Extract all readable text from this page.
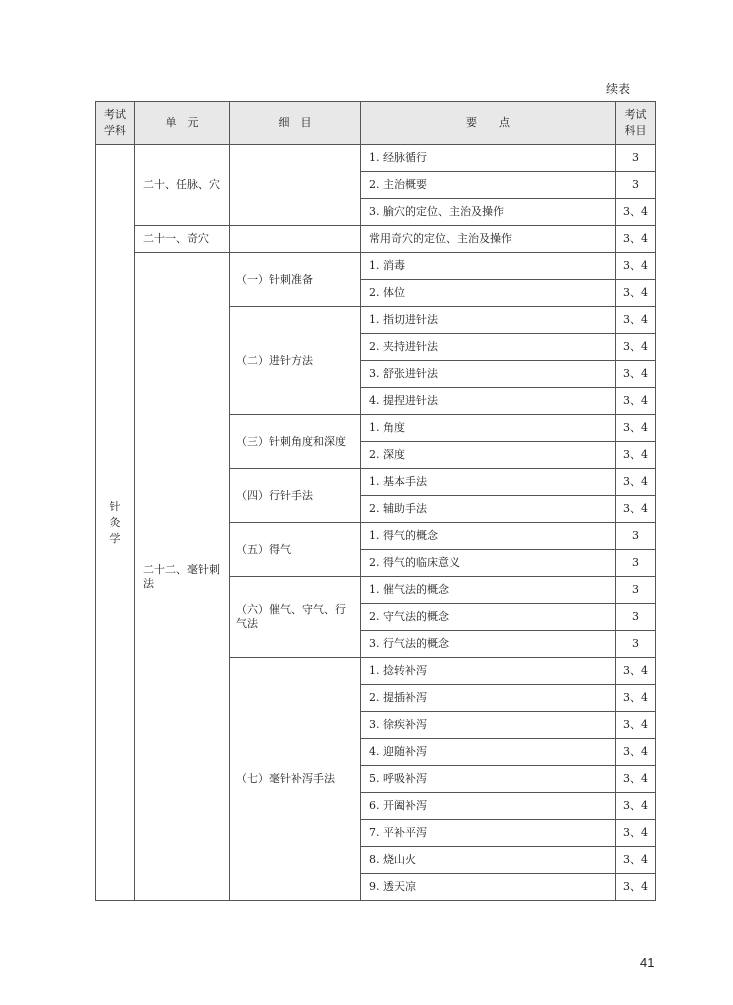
续表
考试学科	单　元	细　目	要　　点	考试科目
针灸学	二十、任脉、穴		1. 经脉循行	3
			2. 主治概要	3
			3. 腧穴的定位、主治及操作	3、4
	二十一、奇穴		常用奇穴的定位、主治及操作	3、4

	二十二、毫针刺法	（一）针刺准备	1. 消毒	3、4
			2. 体位	3、4
		（二）进针方法	1. 指切进针法	3、4
			2. 夹持进针法	3、4
			3. 舒张进针法	3、4
			4. 提捏进针法	3、4
		（三）针刺角度和深度	1. 角度	3、4
			2. 深度	3、4
		（四）行针手法	1. 基本手法	3、4
			2. 辅助手法	3、4
		（五）得气	1. 得气的概念	3
			2. 得气的临床意义	3

		（六）催气、守气、行气法	1. 催气法的概念	3
			2. 守气法的概念	3
			3. 行气法的概念	3
		（七）毫针补泻手法	1. 捻转补泻	3、4
			2. 提插补泻	3、4
			3. 徐疾补泻	3、4
			4. 迎随补泻	3、4
			5. 呼吸补泻	3、4
			6. 开阖补泻	3、4
			7. 平补平泻	3、4
			8. 烧山火	3、4
			9. 透天凉	3、4
41
